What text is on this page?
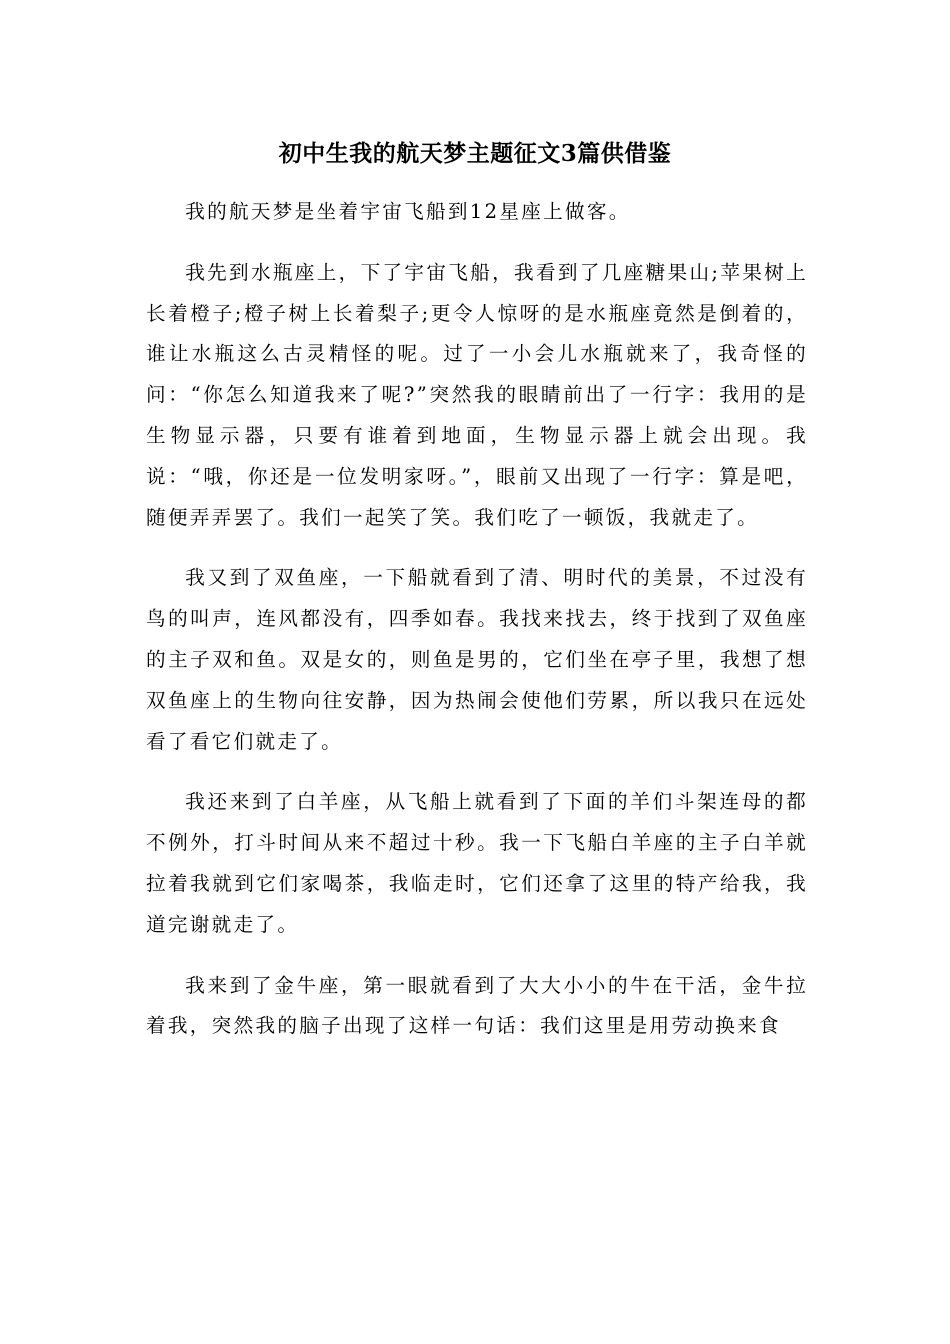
初中生我的航天梦主题征文3篇供借鉴

我的航天梦是坐着宇宙飞船到12星座上做客。

我先到水瓶座上，下了宇宙飞船，我看到了几座糖果山;苹果树上长着橙子;橙子树上长着梨子;更令人惊呀的是水瓶座竟然是倒着的，谁让水瓶这么古灵精怪的呢。过了一小会儿水瓶就来了，我奇怪的问：“你怎么知道我来了呢?”突然我的眼睛前出了一行字：我用的是生物显示器，只要有谁着到地面，生物显示器上就会出现。我说：“哦，你还是一位发明家呀。”，眼前又出现了一行字：算是吧，随便弄弄罢了。我们一起笑了笑。我们吃了一顿饭，我就走了。

我又到了双鱼座，一下船就看到了清、明时代的美景，不过没有鸟的叫声，连风都没有，四季如春。我找来找去，终于找到了双鱼座的主子双和鱼。双是女的，则鱼是男的，它们坐在亭子里，我想了想双鱼座上的生物向往安静，因为热闹会使他们劳累，所以我只在远处看了看它们就走了。

我还来到了白羊座，从飞船上就看到了下面的羊们斗架连母的都不例外，打斗时间从来不超过十秒。我一下飞船白羊座的主子白羊就拉着我就到它们家喝茶，我临走时，它们还拿了这里的特产给我，我道完谢就走了。

我来到了金牛座，第一眼就看到了大大小小的牛在干活，金牛拉着我，突然我的脑子出现了这样一句话：我们这里是用劳动换来食
